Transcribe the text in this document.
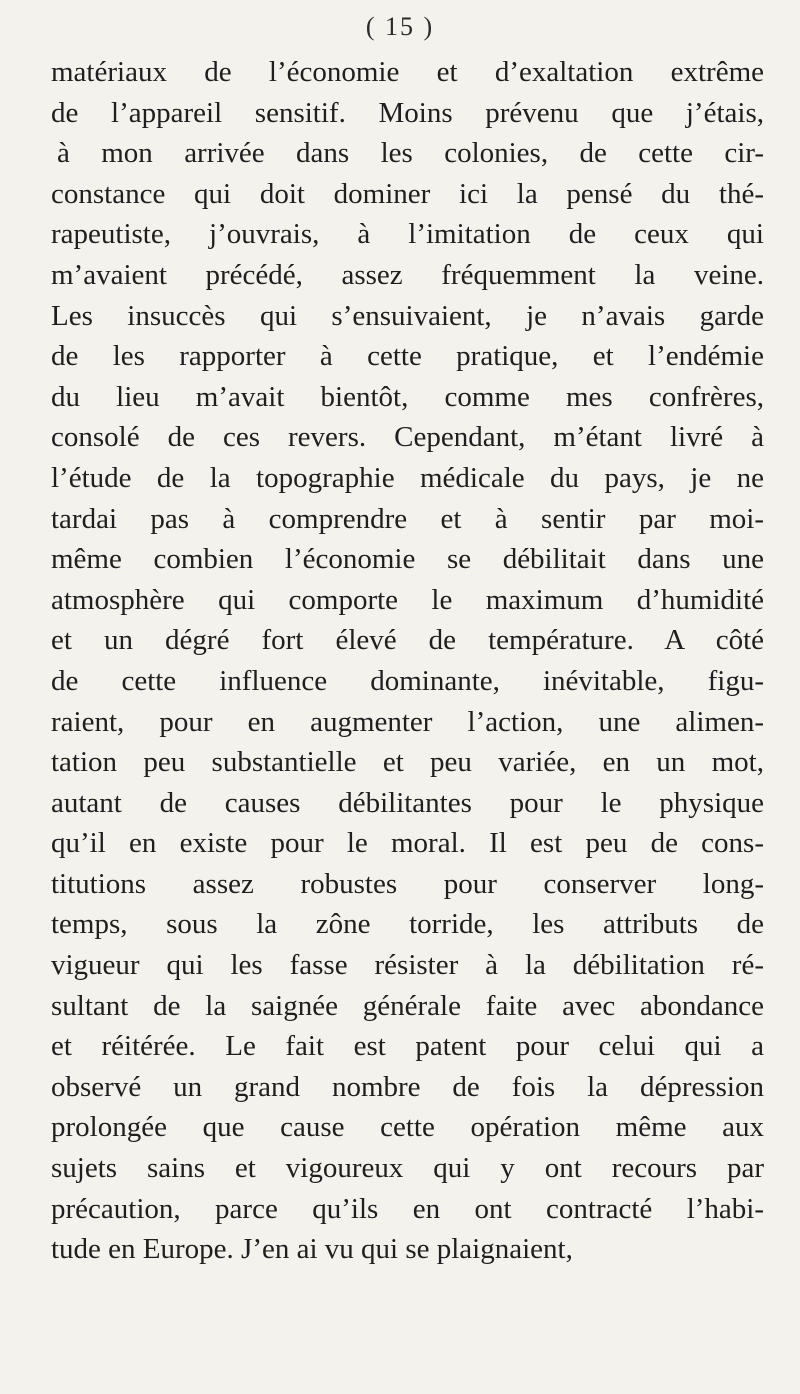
( 15 )
matériaux de l’économie et d’exaltation extrême
de l’appareil sensitif. Moins prévenu que j’étais,
à mon arrivée dans les colonies, de cette cir-
constance qui doit dominer ici la pensé du thé-
rapeutiste, j’ouvrais, à l’imitation de ceux qui
m’avaient précédé, assez fréquemment la veine.
Les insuccès qui s’ensuivaient, je n’avais garde
de les rapporter à cette pratique, et l’endémie
du lieu m’avait bientôt, comme mes confrères,
consolé de ces revers. Cependant, m’étant livré à
l’étude de la topographie médicale du pays, je ne
tardai pas à comprendre et à sentir par moi-
même combien l’économie se débilitait dans une
atmosphère qui comporte le maximum d’humidité
et un dégré fort élevé de température. A côté
de cette influence dominante, inévitable, figu-
raient, pour en augmenter l’action, une alimen-
tation peu substantielle et peu variée, en un mot,
autant de causes débilitantes pour le physique
qu’il en existe pour le moral. Il est peu de cons-
titutions assez robustes pour conserver long-
temps, sous la zône torride, les attributs de
vigueur qui les fasse résister à la débilitation ré-
sultant de la saignée générale faite avec abondance
et réitérée. Le fait est patent pour celui qui a
observé un grand nombre de fois la dépression
prolongée que cause cette opération même aux
sujets sains et vigoureux qui y ont recours par
précaution, parce qu’ils en ont contracté l’habi-
tude en Europe. J’en ai vu qui se plaignaient,
